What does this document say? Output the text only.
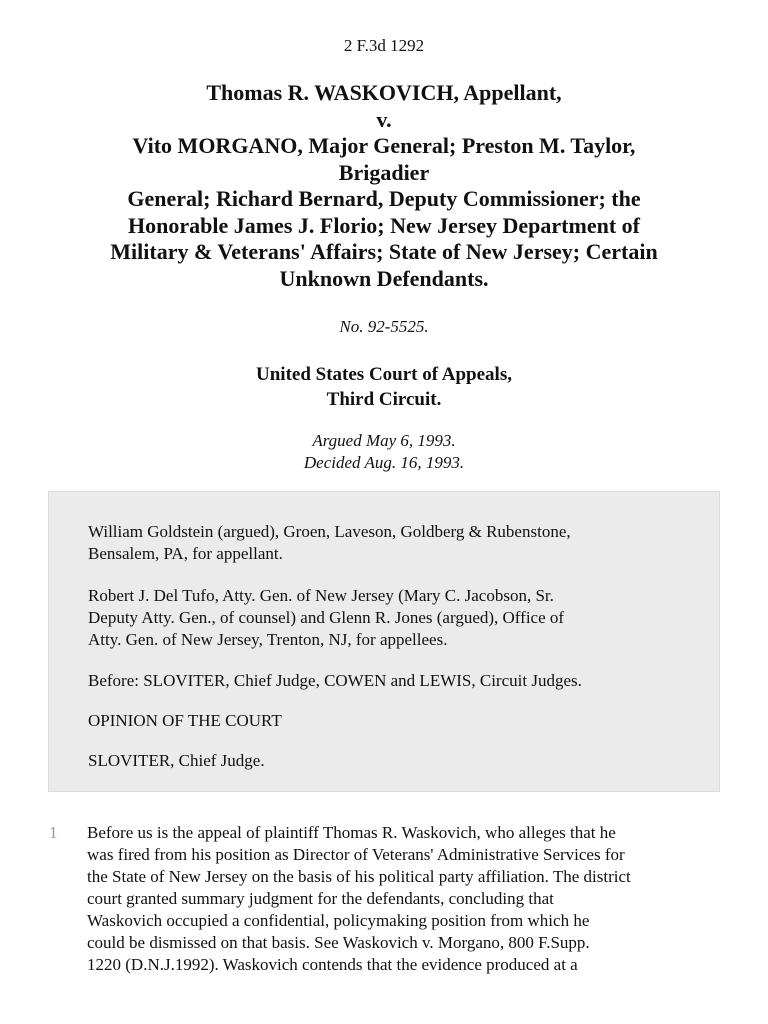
2 F.3d 1292
Thomas R. WASKOVICH, Appellant,
v.
Vito MORGANO, Major General; Preston M. Taylor,
Brigadier
General; Richard Bernard, Deputy Commissioner; the
Honorable James J. Florio; New Jersey Department of
Military & Veterans' Affairs; State of New Jersey; Certain
Unknown Defendants.
No. 92-5525.
United States Court of Appeals,
Third Circuit.
Argued May 6, 1993.
Decided Aug. 16, 1993.

William Goldstein (argued), Groen, Laveson, Goldberg & Rubenstone,
Bensalem, PA, for appellant.

Robert J. Del Tufo, Atty. Gen. of New Jersey (Mary C. Jacobson, Sr.
Deputy Atty. Gen., of counsel) and Glenn R. Jones (argued), Office of
Atty. Gen. of New Jersey, Trenton, NJ, for appellees.

Before: SLOVITER, Chief Judge, COWEN and LEWIS, Circuit Judges.

OPINION OF THE COURT

SLOVITER, Chief Judge.

1 Before us is the appeal of plaintiff Thomas R. Waskovich, who alleges that he
was fired from his position as Director of Veterans' Administrative Services for
the State of New Jersey on the basis of his political party affiliation. The district
court granted summary judgment for the defendants, concluding that
Waskovich occupied a confidential, policymaking position from which he
could be dismissed on that basis. See Waskovich v. Morgano, 800 F.Supp.
1220 (D.N.J.1992). Waskovich contends that the evidence produced at a
